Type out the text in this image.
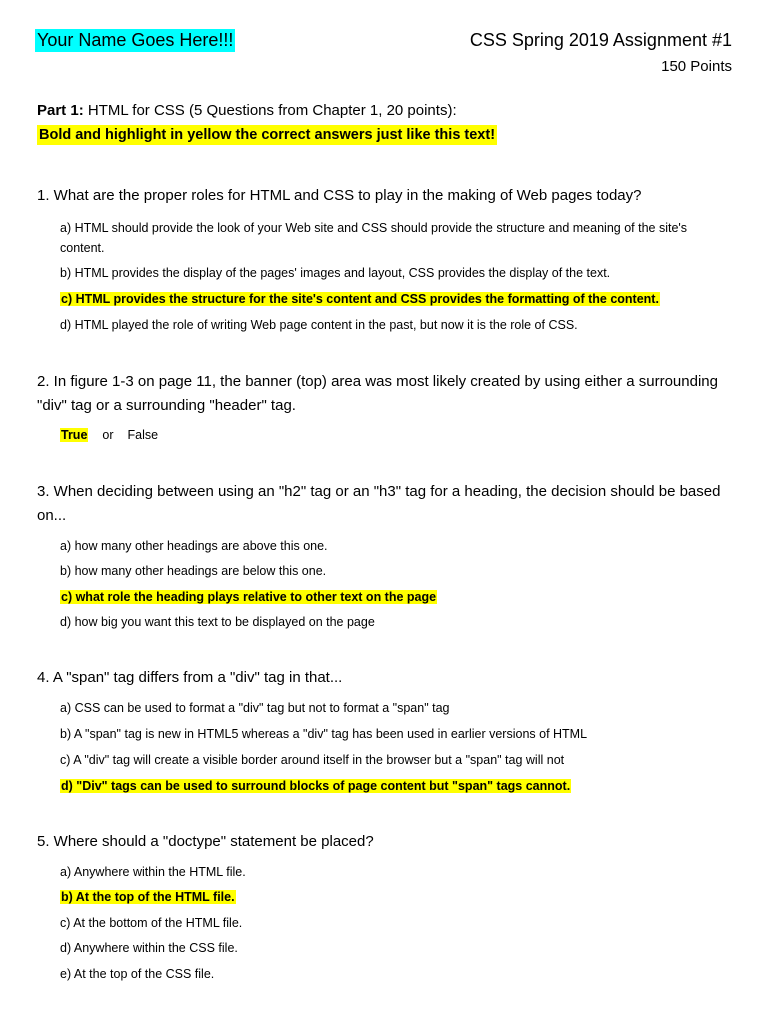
Your Name Goes Here!!!	CSS Spring 2019 Assignment #1
150 Points
Part 1: HTML for CSS (5 Questions from Chapter 1, 20 points):
Bold and highlight in yellow the correct answers just like this text!
1. What are the proper roles for HTML and CSS to play in the making of Web pages today?
a) HTML should provide the look of your Web site and CSS should provide the structure and meaning of the site's content.
b) HTML provides the display of the pages' images and layout, CSS provides the display of the text.
c) HTML provides the structure for the site's content and CSS provides the formatting of the content.
d) HTML played the role of writing Web page content in the past, but now it is the role of CSS.
2. In figure 1-3 on page 11, the banner (top) area was most likely created by using either a surrounding "div" tag or a surrounding "header" tag.
True or False
3. When deciding between using an "h2" tag or an "h3" tag for a heading, the decision should be based on...
a) how many other headings are above this one.
b) how many other headings are below this one.
c) what role the heading plays relative to other text on the page
d) how big you want this text to be displayed on the page
4. A "span" tag differs from a "div" tag in that...
a) CSS can be used to format a "div" tag but not to format a "span" tag
b) A "span" tag is new in HTML5 whereas a "div" tag has been used in earlier versions of HTML
c) A "div" tag will create a visible border around itself in the browser but a "span" tag will not
d) "Div" tags can be used to surround blocks of page content but "span" tags cannot.
5. Where should a "doctype" statement be placed?
a) Anywhere within the HTML file.
b) At the top of the HTML file.
c) At the bottom of the HTML file.
d) Anywhere within the CSS file.
e) At the top of the CSS file.
